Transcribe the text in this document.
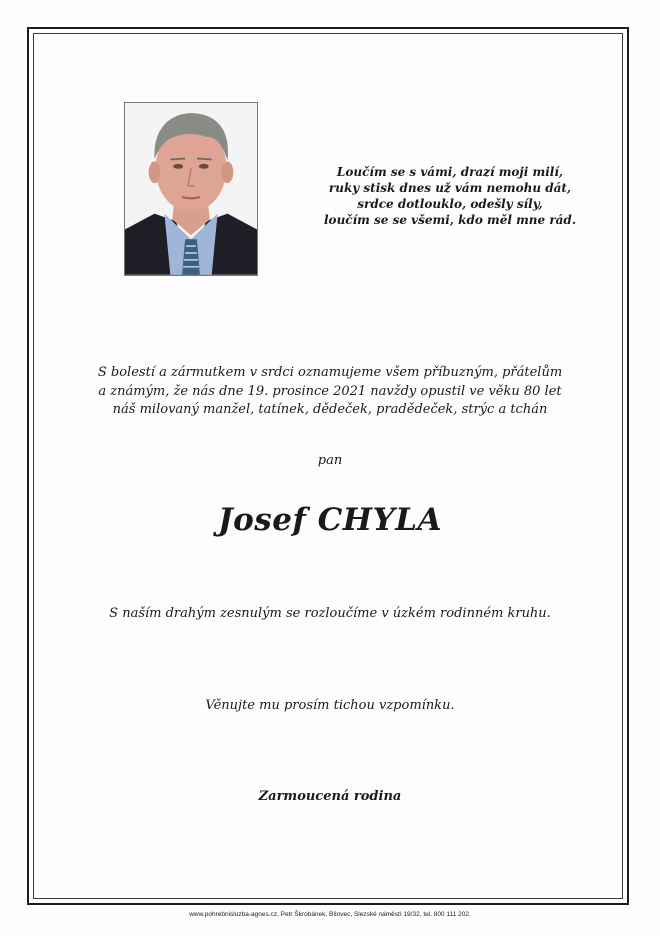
Loučím se s vámi, drazí moji milí,
ruky stisk dnes už vám nemohu dát,
srdce dotlouklo, odešly síly,
loučím se se všemi, kdo měl mne rád.
S bolestí a zármutkem v srdci oznamujeme všem příbuzným, přátelům
a známým, že nás dne 19. prosince 2021 navždy opustil ve věku 80 let
náš milovaný manžel, tatínek, dědeček, pradědeček, strýc a tchán
pan
Josef CHYLA
S naším drahým zesnulým se rozloučíme v úzkém rodinném kruhu.
Věnujte mu prosím tichou vzpomínku.
Zarmoucená rodina
www.pohrebnisluzba-agnes.cz, Petr Škrobánek, Bílovec, Slezské náměstí 19/32, tel. 800 111 202.
